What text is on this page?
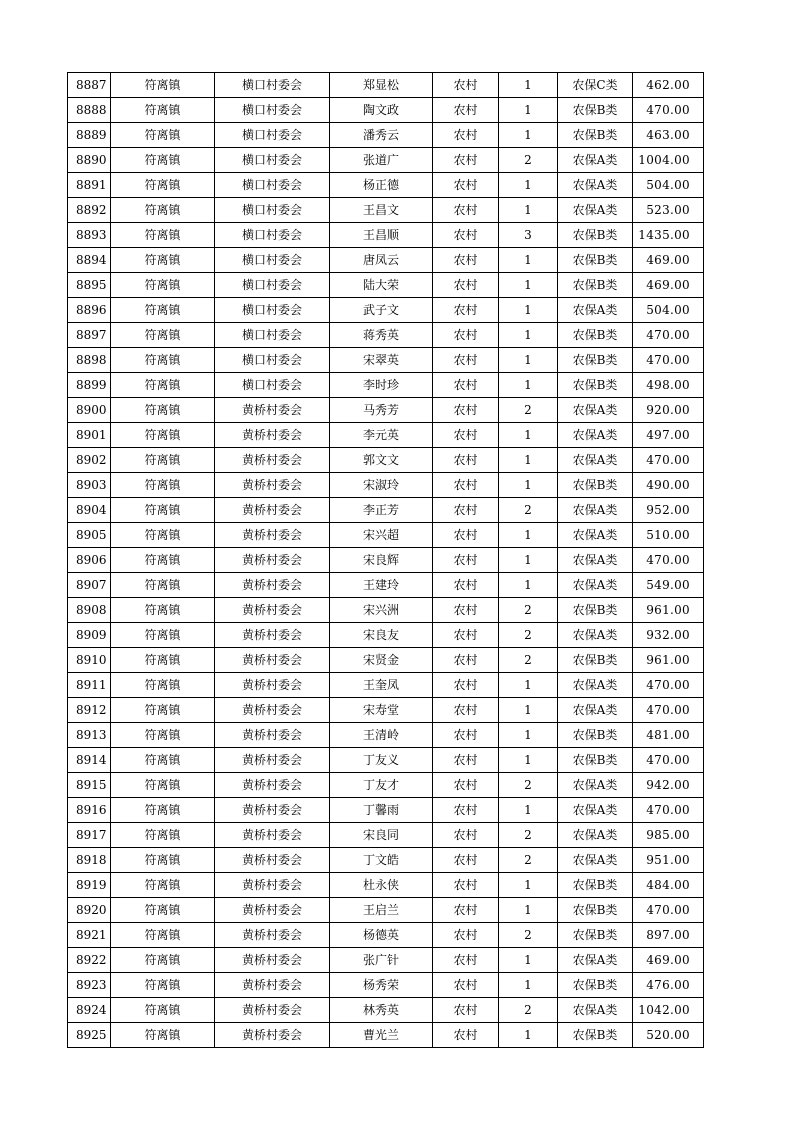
8887	符离镇	横口村委会	郑显松	农村	1	农保C类	462.00
8888	符离镇	横口村委会	陶文政	农村	1	农保B类	470.00
8889	符离镇	横口村委会	潘秀云	农村	1	农保B类	463.00
8890	符离镇	横口村委会	张道广	农村	2	农保A类	1004.00
8891	符离镇	横口村委会	杨正德	农村	1	农保A类	504.00
8892	符离镇	横口村委会	王昌文	农村	1	农保A类	523.00
8893	符离镇	横口村委会	王昌顺	农村	3	农保B类	1435.00
8894	符离镇	横口村委会	唐凤云	农村	1	农保B类	469.00
8895	符离镇	横口村委会	陆大荣	农村	1	农保B类	469.00
8896	符离镇	横口村委会	武子文	农村	1	农保A类	504.00
8897	符离镇	横口村委会	蒋秀英	农村	1	农保B类	470.00
8898	符离镇	横口村委会	宋翠英	农村	1	农保B类	470.00
8899	符离镇	横口村委会	李时珍	农村	1	农保B类	498.00
8900	符离镇	黄桥村委会	马秀芳	农村	2	农保A类	920.00
8901	符离镇	黄桥村委会	李元英	农村	1	农保A类	497.00
8902	符离镇	黄桥村委会	郭文文	农村	1	农保A类	470.00
8903	符离镇	黄桥村委会	宋淑玲	农村	1	农保B类	490.00
8904	符离镇	黄桥村委会	李正芳	农村	2	农保A类	952.00
8905	符离镇	黄桥村委会	宋兴超	农村	1	农保A类	510.00
8906	符离镇	黄桥村委会	宋良辉	农村	1	农保A类	470.00
8907	符离镇	黄桥村委会	王建玲	农村	1	农保A类	549.00
8908	符离镇	黄桥村委会	宋兴洲	农村	2	农保B类	961.00
8909	符离镇	黄桥村委会	宋良友	农村	2	农保A类	932.00
8910	符离镇	黄桥村委会	宋贤金	农村	2	农保B类	961.00
8911	符离镇	黄桥村委会	王奎凤	农村	1	农保A类	470.00
8912	符离镇	黄桥村委会	宋寿堂	农村	1	农保A类	470.00
8913	符离镇	黄桥村委会	王清岭	农村	1	农保B类	481.00
8914	符离镇	黄桥村委会	丁友义	农村	1	农保B类	470.00
8915	符离镇	黄桥村委会	丁友才	农村	2	农保A类	942.00
8916	符离镇	黄桥村委会	丁馨雨	农村	1	农保A类	470.00
8917	符离镇	黄桥村委会	宋良同	农村	2	农保A类	985.00
8918	符离镇	黄桥村委会	丁文皓	农村	2	农保A类	951.00
8919	符离镇	黄桥村委会	杜永侠	农村	1	农保B类	484.00
8920	符离镇	黄桥村委会	王启兰	农村	1	农保B类	470.00
8921	符离镇	黄桥村委会	杨德英	农村	2	农保B类	897.00
8922	符离镇	黄桥村委会	张广针	农村	1	农保A类	469.00
8923	符离镇	黄桥村委会	杨秀荣	农村	1	农保B类	476.00
8924	符离镇	黄桥村委会	林秀英	农村	2	农保A类	1042.00
8925	符离镇	黄桥村委会	曹光兰	农村	1	农保B类	520.00
